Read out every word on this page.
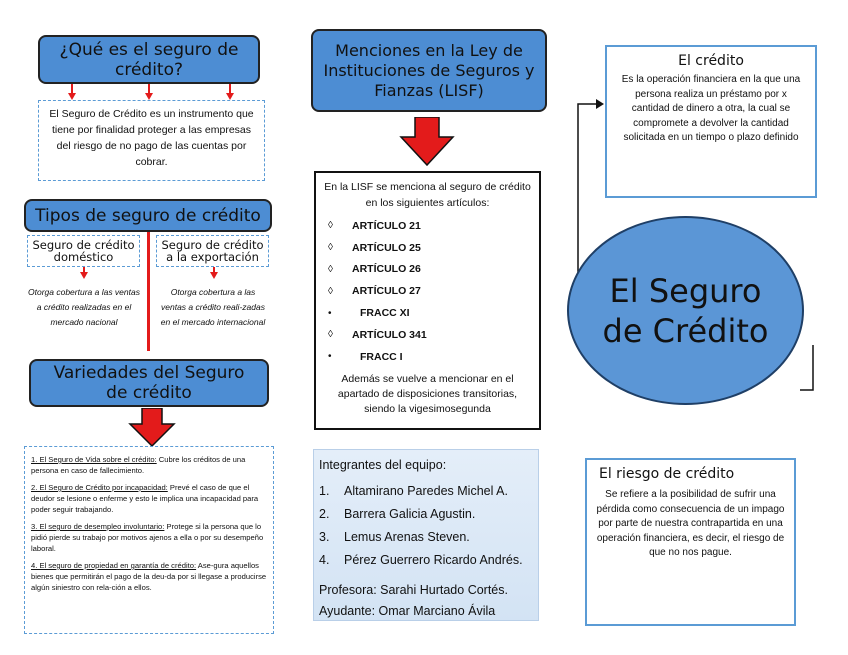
¿Qué es el seguro de crédito?
El Seguro de Crédito es un instrumento que tiene por finalidad proteger a las empresas del riesgo de no pago de las cuentas por cobrar.
Tipos de seguro de crédito
Seguro de crédito doméstico
Otorga cobertura a las ventas a crédito realizadas en el mercado nacional
Seguro de crédito a la exportación
Otorga cobertura a las ventas a crédito reali-zadas en el mercado internacional
Variedades del Seguro de crédito

1. El Seguro de Vida sobre el crédito: Cubre los créditos de una persona en caso de fallecimiento.

2. El Seguro de Crédito por incapacidad: Prevé el caso de que el deudor se lesione o enferme y esto le implica una incapacidad para poder seguir trabajando.

3. El seguro de desempleo involuntario: Protege si la persona que lo pidió pierde su trabajo por motivos ajenos a ella o por su desempeño laboral.

4. El seguro de propiedad en garantía de crédito: Ase-gura aquellos bienes que permitirán el pago de la deu-da por si llegase a producirse algún siniestro con rela-ción a ellos.

Menciones en la Ley de Instituciones de Seguros y Fianzas (LISF)
En la LISF se menciona al seguro de crédito en los siguientes artículos:
◊	ARTÍCULO 21
◊	ARTÍCULO 25
◊	ARTÍCULO 26
◊	ARTÍCULO 27
•	FRACC XI
◊	ARTÍCULO 341
•	FRACC I
Además se vuelve a mencionar en el apartado de disposiciones transitorias, siendo la vigesimosegunda
Integrantes del equipo:
1.	Altamirano Paredes Michel A.
2.	Barrera Galicia Agustin.
3.	Lemus Arenas Steven.
4.	Pérez Guerrero Ricardo Andrés.
Profesora: Sarahi Hurtado Cortés.
Ayudante: Omar Marciano Ávila
El crédito
Es la operación financiera en la que una persona realiza un préstamo por x cantidad de dinero a otra, la cual se compromete a devolver la cantidad solicitada en un tiempo o plazo definido
El Seguro de Crédito
El riesgo de crédito
Se refiere a la posibilidad de sufrir una pérdida como consecuencia de un impago por parte de nuestra contrapartida en una operación financiera, es decir, el riesgo de que no nos pague.
